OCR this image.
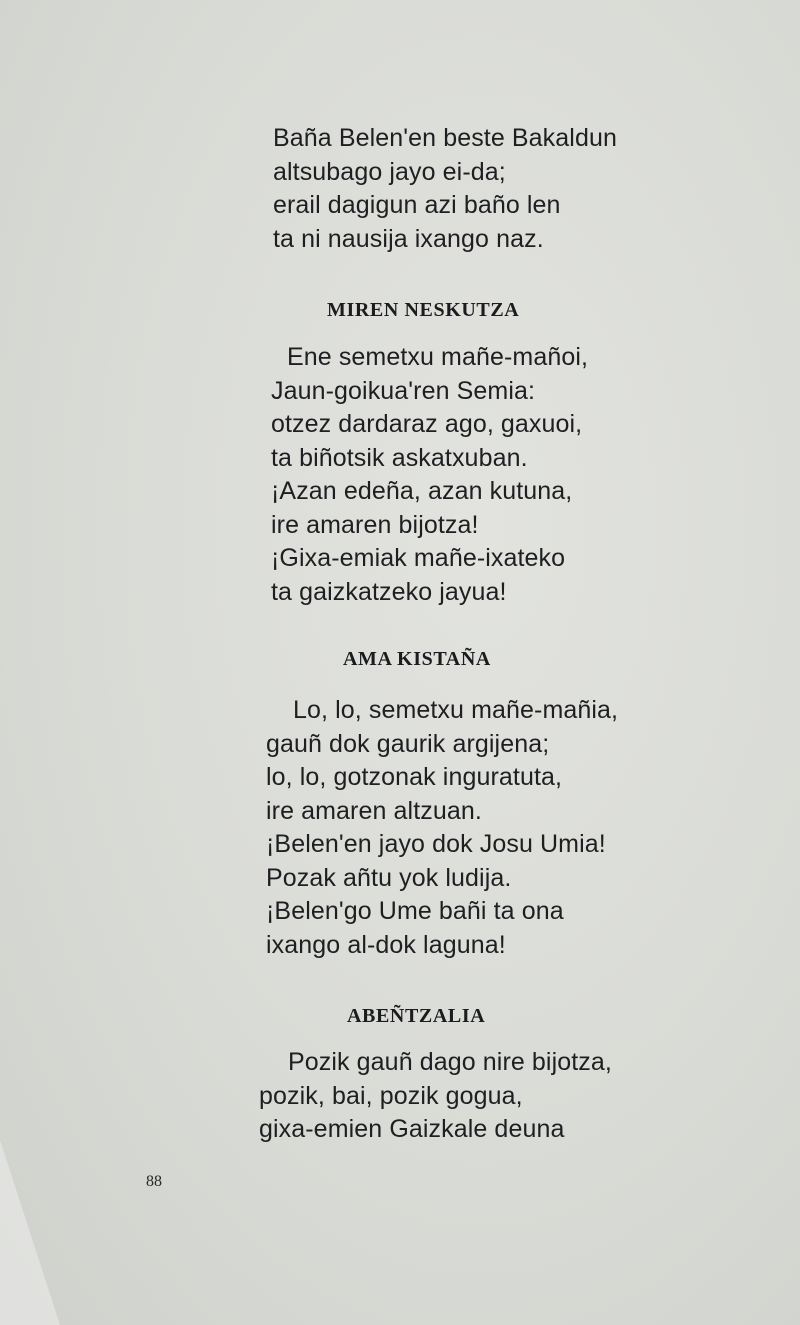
Baña Belen'en beste Bakaldun
altsubago jayo ei-da;
erail dagigun azi baño len
ta ni nausija ixango naz.
MIREN NESKUTZA
Ene semetxu mañe-mañoi,
Jaun-goikua'ren Semia:
otzez dardaraz ago, gaxuoi,
ta biñotsik askatxuban.
¡Azan edeña, azan kutuna,
ire amaren bijotza!
¡Gixa-emiak mañe-ixateko
ta gaizkatzeko jayua!
AMA KISTAÑA
Lo, lo, semetxu mañe-mañia,
gauñ dok gaurik argijena;
lo, lo, gotzonak inguratuta,
ire amaren altzuan.
¡Belen'en jayo dok Josu Umia!
Pozak añtu yok ludija.
¡Belen'go Ume bañi ta ona
ixango al-dok laguna!
ABEÑTZALIA
Pozik gauñ dago nire bijotza,
pozik, bai, pozik gogua,
gixa-emien Gaizkale deuna
88
